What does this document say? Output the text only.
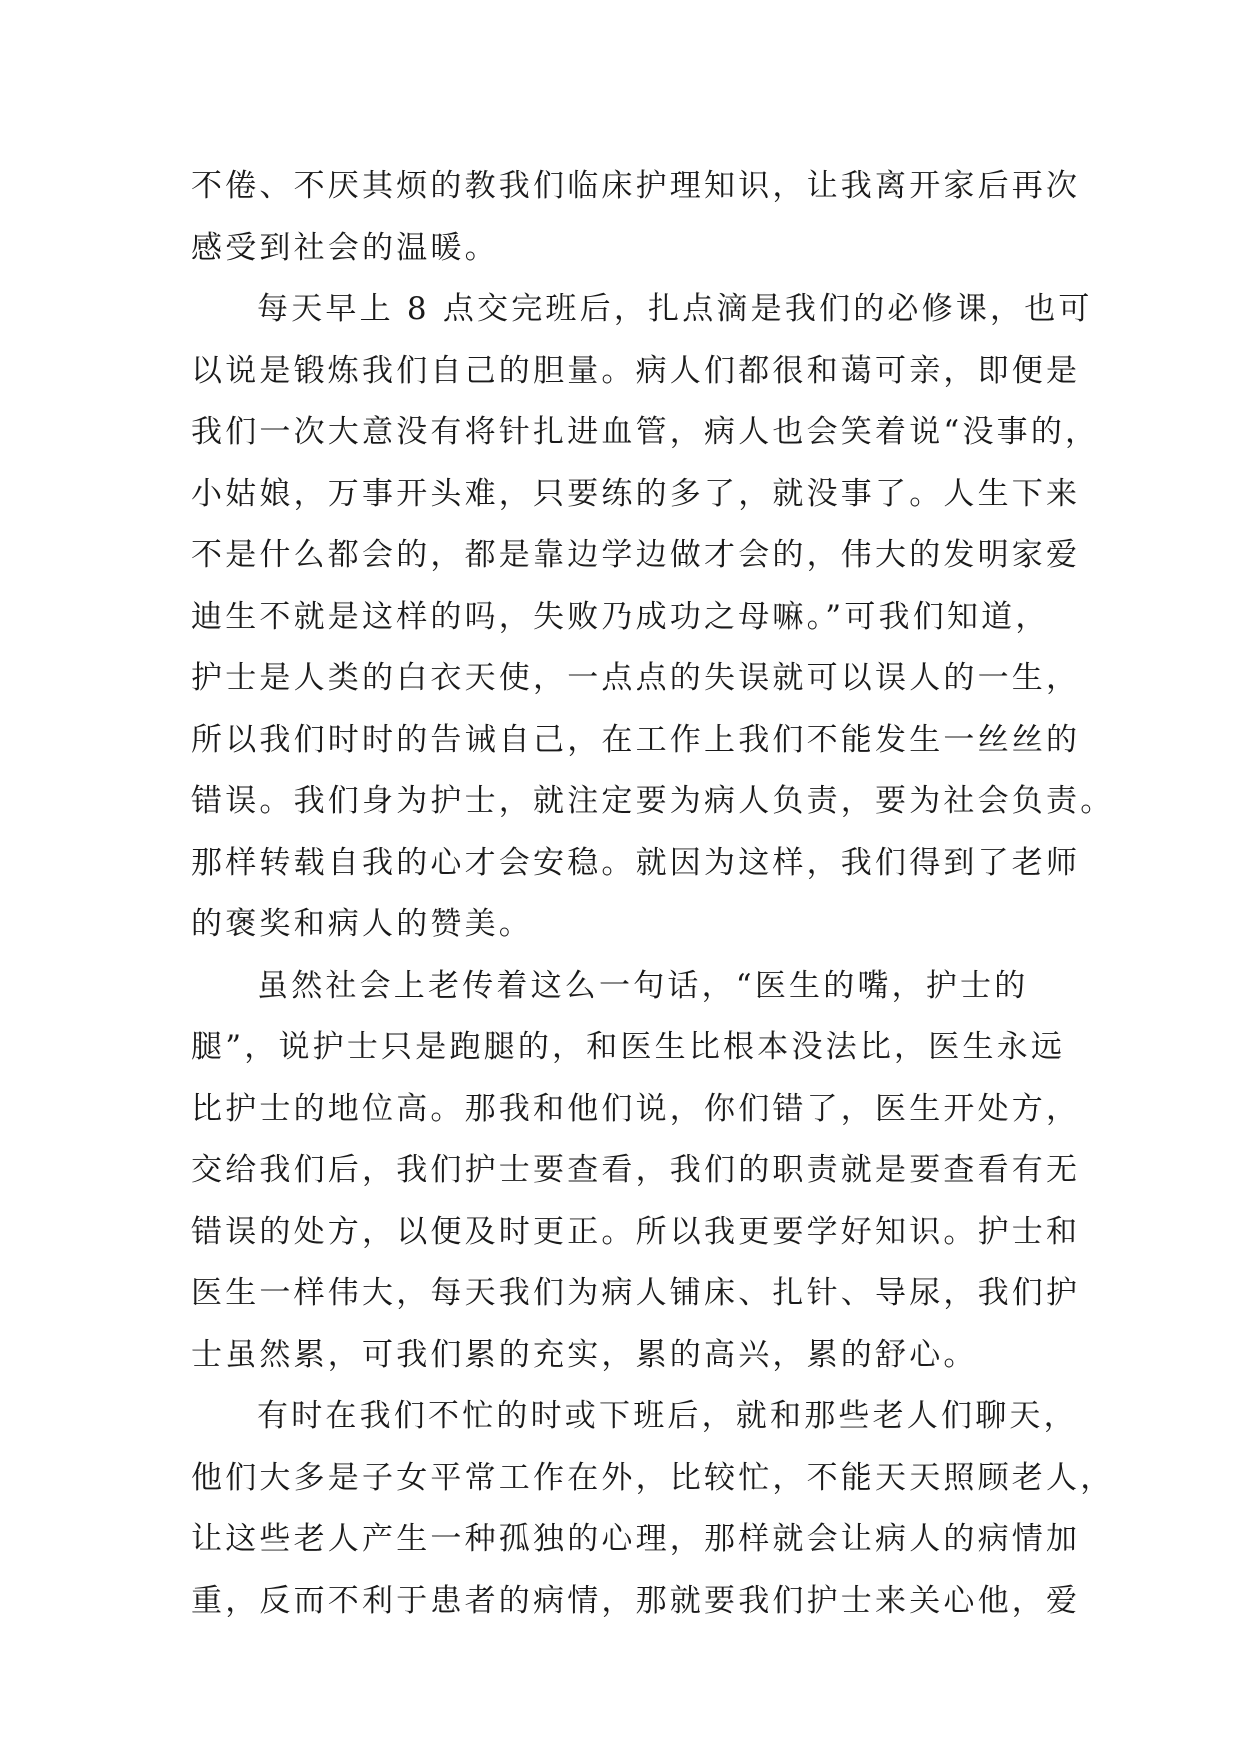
不倦、不厌其烦的教我们临床护理知识，让我离开家后再次
感受到社会的温暖。
每天早上 8 点交完班后，扎点滴是我们的必修课，也可
以说是锻炼我们自己的胆量。病人们都很和蔼可亲，即便是
我们一次大意没有将针扎进血管，病人也会笑着说“没事的，
小姑娘，万事开头难，只要练的多了，就没事了。人生下来
不是什么都会的，都是靠边学边做才会的，伟大的发明家爱
迪生不就是这样的吗，失败乃成功之母嘛。”可我们知道，
护士是人类的白衣天使，一点点的失误就可以误人的一生，
所以我们时时的告诫自己，在工作上我们不能发生一丝丝的
错误。我们身为护士，就注定要为病人负责，要为社会负责。
那样转载自我的心才会安稳。就因为这样，我们得到了老师
的褒奖和病人的赞美。
虽然社会上老传着这么一句话，“医生的嘴，护士的
腿”，说护士只是跑腿的，和医生比根本没法比，医生永远
比护士的地位高。那我和他们说，你们错了，医生开处方，
交给我们后，我们护士要查看，我们的职责就是要查看有无
错误的处方，以便及时更正。所以我更要学好知识。护士和
医生一样伟大，每天我们为病人铺床、扎针、导尿，我们护
士虽然累，可我们累的充实，累的高兴，累的舒心。
有时在我们不忙的时或下班后，就和那些老人们聊天，
他们大多是子女平常工作在外，比较忙，不能天天照顾老人，
让这些老人产生一种孤独的心理，那样就会让病人的病情加
重，反而不利于患者的病情，那就要我们护士来关心他，爱
